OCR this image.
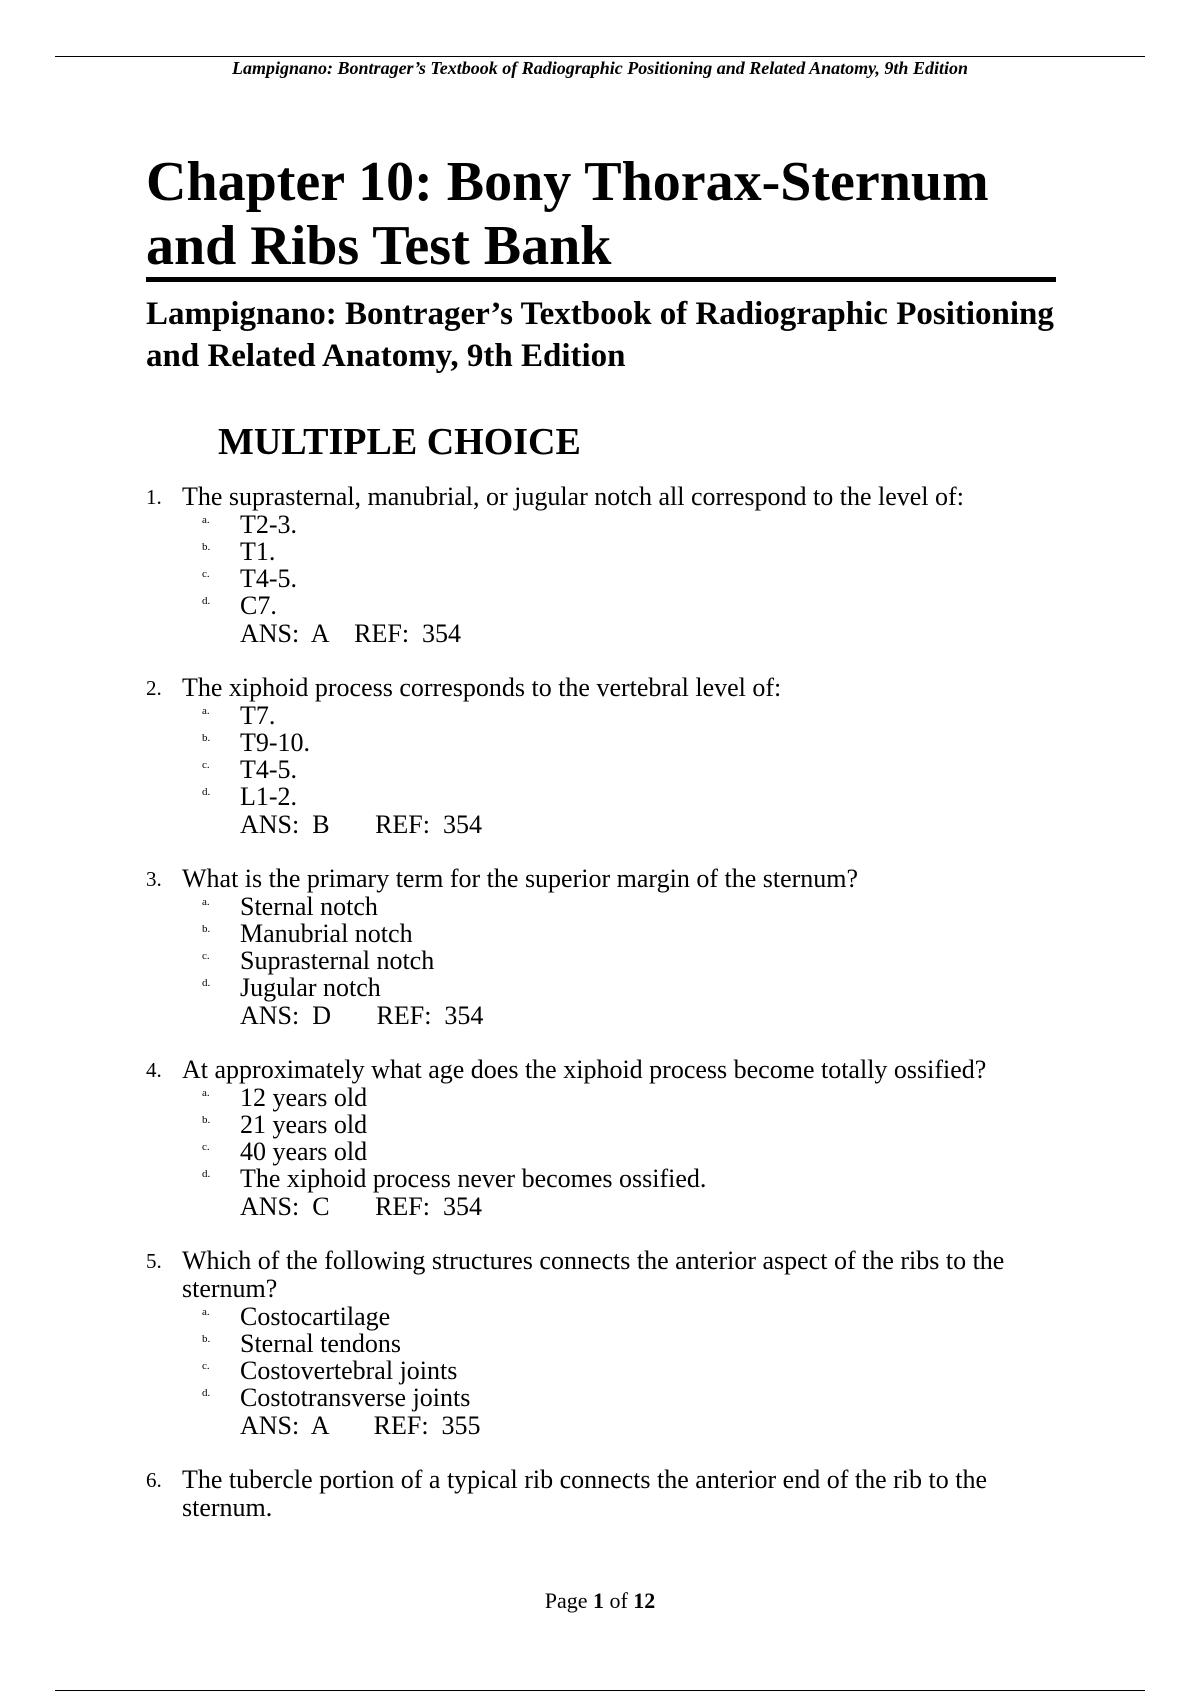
Lampignano: Bontrager’s Textbook of Radiographic Positioning and Related Anatomy, 9th Edition
Chapter 10: Bony Thorax-Sternum and Ribs Test Bank
Lampignano: Bontrager’s Textbook of Radiographic Positioning and Related Anatomy, 9th Edition
MULTIPLE CHOICE
1. The suprasternal, manubrial, or jugular notch all correspond to the level of:
a. T2-3.
b. T1.
c. T4-5.
d. C7.
ANS:  A    REF:  354
2. The xiphoid process corresponds to the vertebral level of:
a. T7.
b. T9-10.
c. T4-5.
d. L1-2.
ANS:  B       REF:  354
3. What is the primary term for the superior margin of the sternum?
a. Sternal notch
b. Manubrial notch
c. Suprasternal notch
d. Jugular notch
ANS:  D       REF:  354
4. At approximately what age does the xiphoid process become totally ossified?
a. 12 years old
b. 21 years old
c. 40 years old
d. The xiphoid process never becomes ossified.
ANS:  C       REF:  354
5. Which of the following structures connects the anterior aspect of the ribs to the sternum?
a. Costocartilage
b. Sternal tendons
c. Costovertebral joints
d. Costotransverse joints
ANS:  A       REF:  355
6. The tubercle portion of a typical rib connects the anterior end of the rib to the sternum.
Page 1 of 12
